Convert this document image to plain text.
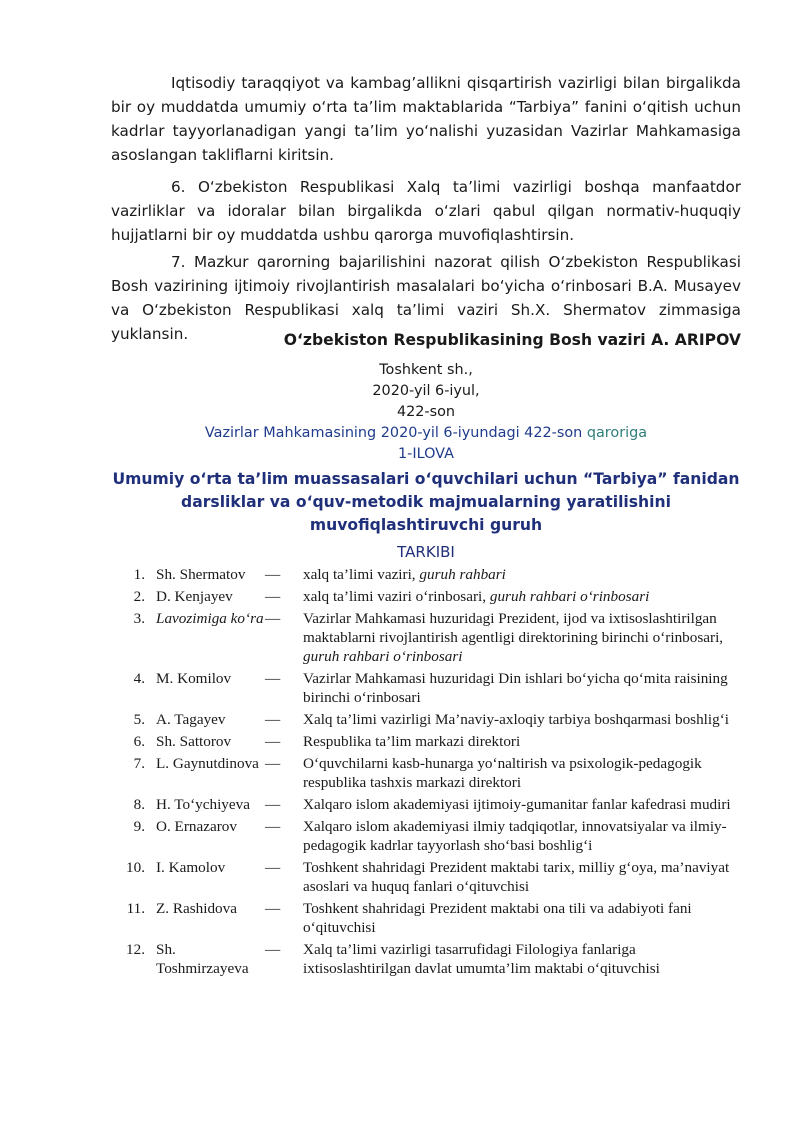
Iqtisodiy taraqqiyot va kambag’allikni qisqartirish vazirligi bilan birgalikda bir oy muddatda umumiy o‘rta ta’lim maktablarida “Tarbiya” fanini o‘qitish uchun kadrlar tayyorlanadigan yangi ta’lim yo‘nalishi yuzasidan Vazirlar Mahkamasiga asoslangan takliflarni kiritsin.

6. O‘zbekiston Respublikasi Xalq ta’limi vazirligi boshqa manfaatdor vazirliklar va idoralar bilan birgalikda o‘zlari qabul qilgan normativ-huquqiy hujjatlarni bir oy muddatda ushbu qarorga muvofiqlashtirsin.

7. Mazkur qarorning bajarilishini nazorat qilish O‘zbekiston Respublikasi Bosh vazirining ijtimoiy rivojlantirish masalalari bo‘yicha o‘rinbosari B.A. Musayev va O‘zbekiston Respublikasi xalq ta’limi vaziri Sh.X. Shermatov zimmasiga yuklansin.	O‘zbekiston Respublikasining Bosh vaziri A. ARIPOV

Toshkent sh.,
2020-yil 6-iyul,
422-son
Vazirlar Mahkamasining 2020-yil 6-iyundagi 422-son qaroriga
1-ILOVA

Umumiy o‘rta ta’lim muassasalari o‘quvchilari uchun “Tarbiya” fanidan darsliklar va o‘quv-metodik majmualarning yaratilishini muvofiqlashtiruvchi guruh

TARKIBI
1. Sh. Shermatov	—	xalq ta’limi vaziri, guruh rahbari
2. D. Kenjayev	—	xalq ta’limi vaziri o‘rinbosari, guruh rahbari o‘rinbosari
3. Lavozimiga ko‘ra —	Vazirlar Mahkamasi huzuridagi Prezident, ijod va ixtisoslashtirilgan maktablarni rivojlantirish agentligi direktorining birinchi o‘rinbosari, guruh rahbari o‘rinbosari
4. M. Komilov	—	Vazirlar Mahkamasi huzuridagi Din ishlari bo‘yicha qo‘mita raisining birinchi o‘rinbosari
5. A. Tagayev	—	Xalq ta’limi vazirligi Ma’naviy-axloqiy tarbiya boshqarmasi boshlig‘i
6. Sh. Sattorov	—	Respublika ta’lim markazi direktori
7. L. Gaynutdinova —	O‘quvchilarni kasb-hunarga yo‘naltirish va psixologik-pedagogik respublika tashxis markazi direktori
8. H. To‘ychiyeva —	Xalqaro islom akademiyasi ijtimoiy-gumanitar fanlar kafedrasi mudiri
9. O. Ernazarov	—	Xalqaro islom akademiyasi ilmiy tadqiqotlar, innovatsiyalar va ilmiy-pedagogik kadrlar tayyorlash sho‘basi boshlig‘i
10. I. Kamolov	—	Toshkent shahridagi Prezident maktabi tarix, milliy g‘oya, ma’naviyat asoslari va huquq fanlari o‘qituvchisi
11. Z. Rashidova	—	Toshkent shahridagi Prezident maktabi ona tili va adabiyoti fani o‘qituvchisi
12. Sh. Toshmirzayeva
—	Xalq ta’limi vazirligi tasarrufidagi Filologiya fanlariga ixtisoslashtirilgan davlat umumta’lim maktabi o‘qituvchisi
